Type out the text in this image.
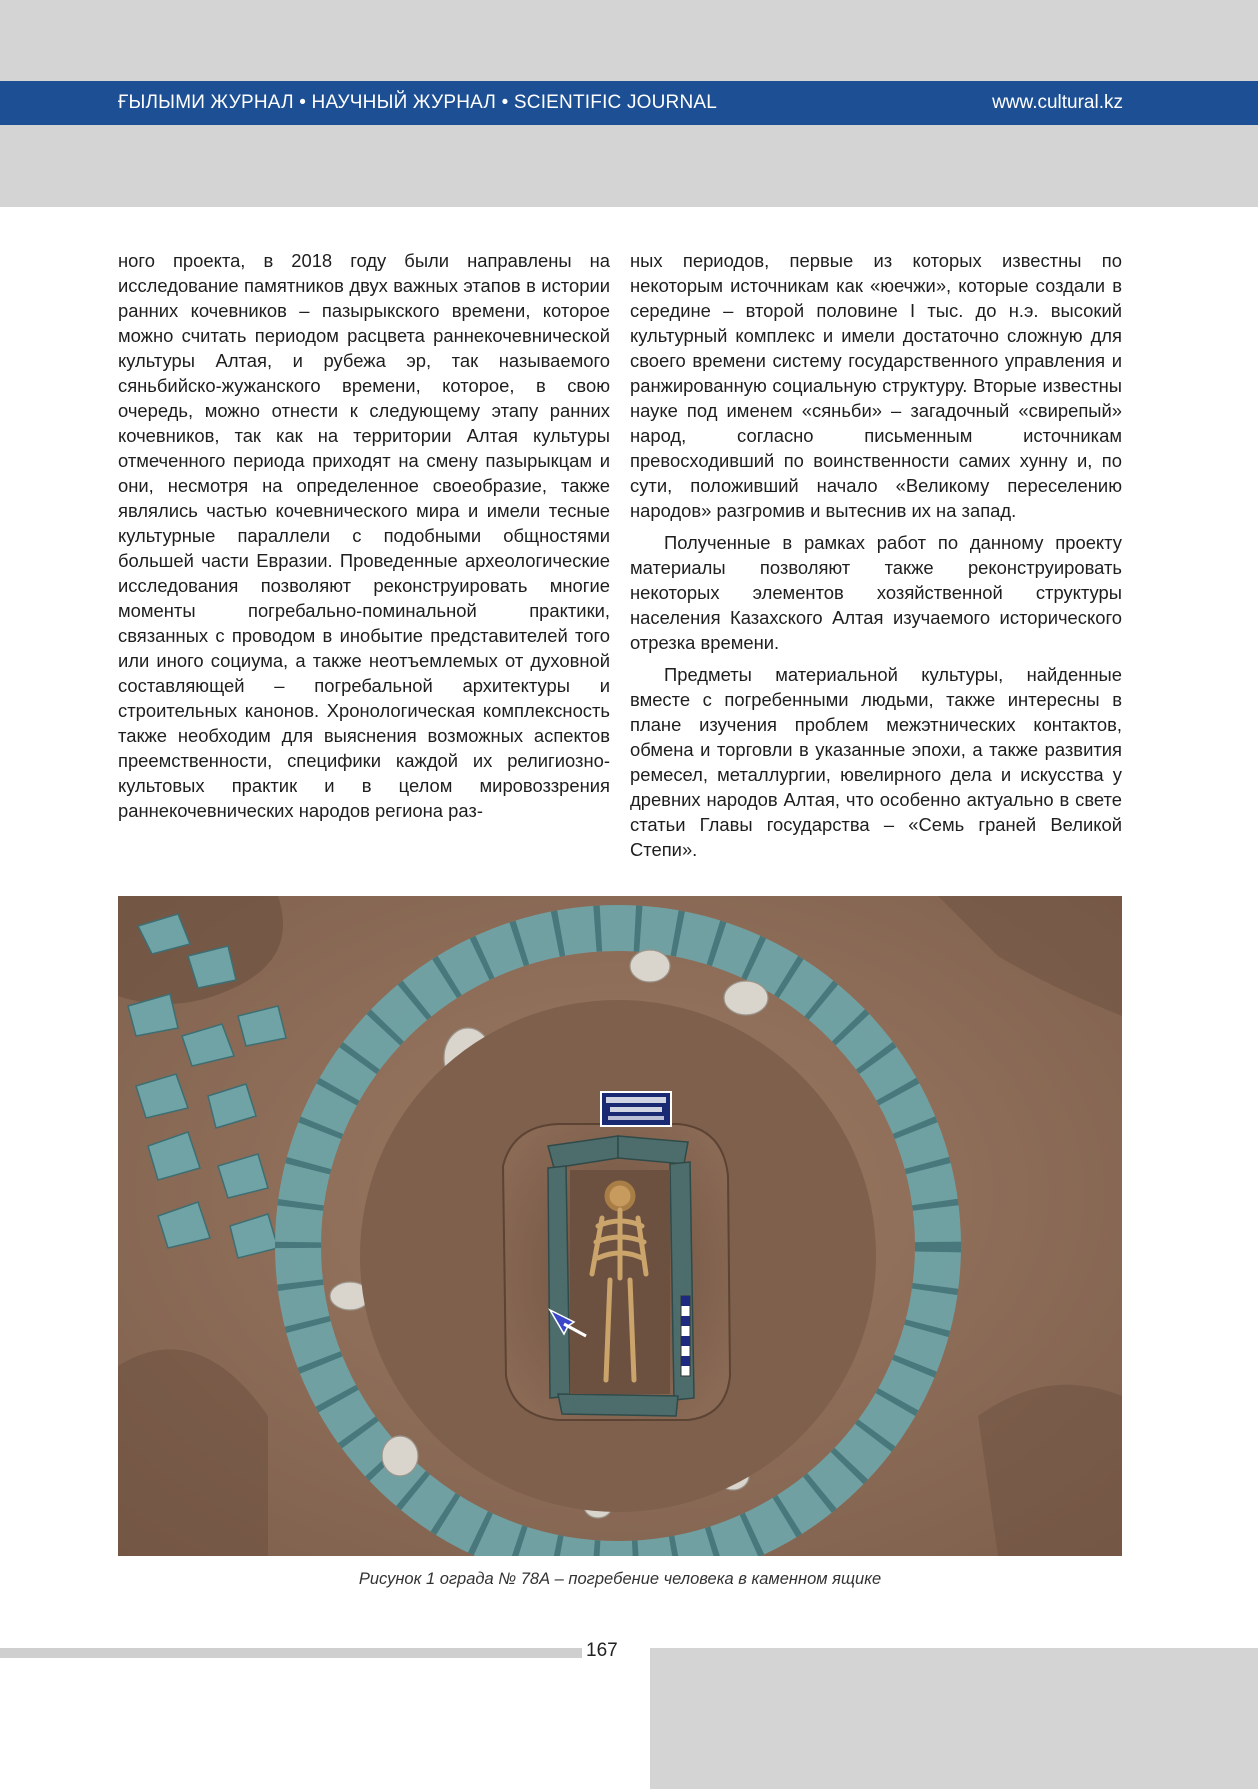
ҒЫЛЫМИ ЖУРНАЛ • НАУЧНЫЙ ЖУРНАЛ • SCIENTIFIC JOURNAL	www.cultural.kz

ного проекта, в 2018 году были направлены на исследование памятников двух важных этапов в истории ранних кочевников – пазырыкского времени, которое можно считать периодом расцвета раннекочевнической культуры Алтая, и рубежа эр, так называемого сяньбийско-жужанского времени, которое, в свою очередь, можно отнести к следующему этапу ранних кочевников, так как на территории Алтая культуры отмеченного периода приходят на смену пазырыкцам и они, несмотря на определенное своеобразие, также являлись частью кочевнического мира и имели тесные культурные параллели с подобными общностями большей части Евразии. Проведенные археологические исследования позволяют реконструировать многие моменты погребально-поминальной практики, связанных с проводом в инобытие представителей того или иного социума, а также неотъемлемых от духовной составляющей – погребальной архитектуры и строительных канонов. Хронологическая комплексность также необходим для выяснения возможных аспектов преемственности, специфики каждой их религиозно-культовых практик и в целом мировоззрения раннекочевнических народов региона раз-

ных периодов, первые из которых известны по некоторым источникам как «юечжи», которые создали в середине – второй половине I тыс. до н.э. высокий культурный комплекс и имели достаточно сложную для своего времени систему государственного управления и ранжированную социальную структуру. Вторые известны науке под именем «сяньби» – загадочный «свирепый» народ, согласно письменным источникам превосходивший по воинственности самих хунну и, по сути, положивший начало «Великому переселению народов» разгромив и вытеснив их на запад.

Полученные в рамках работ по данному проекту материалы позволяют также реконструировать некоторых элементов хозяйственной структуры населения Казахского Алтая изучаемого исторического отрезка времени.

Предметы материальной культуры, найденные вместе с погребенными людьми, также интересны в плане изучения проблем межэтнических контактов, обмена и торговли в указанные эпохи, а также развития ремесел, металлургии, ювелирного дела и искусства у древних народов Алтая, что особенно актуально в свете статьи Главы государства – «Семь граней Великой Степи».

Рисунок 1 ограда № 78А – погребение человека в каменном ящике
167
